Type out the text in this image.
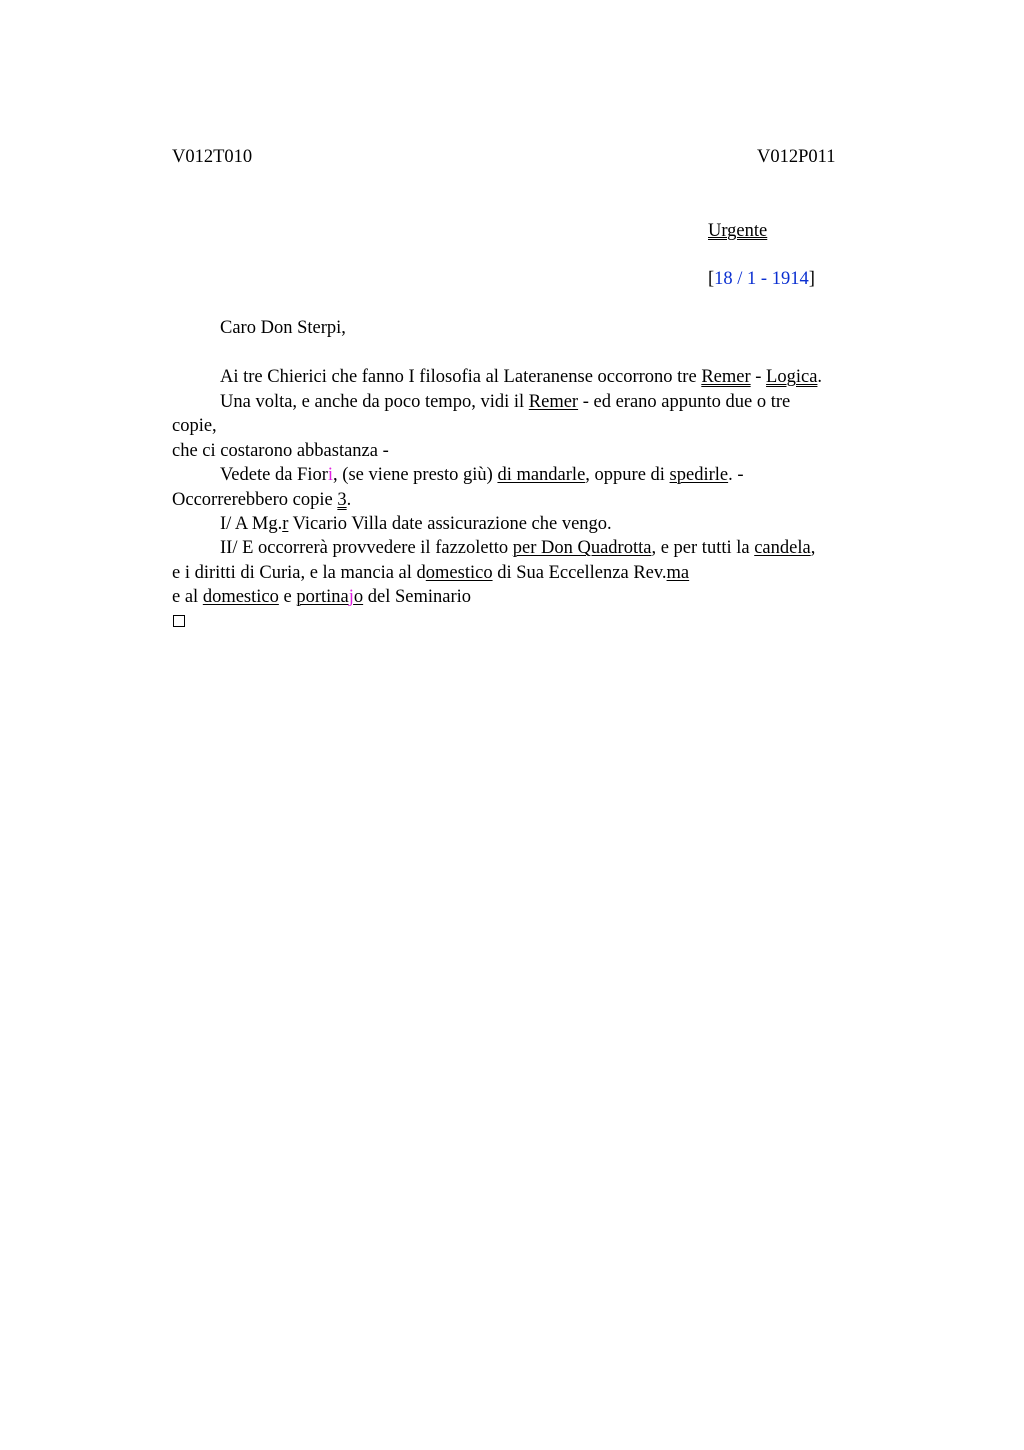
V012T010	V012P011
Urgente
[18 / 1 - 1914]
Caro Don Sterpi,
Ai tre Chierici che fanno I filosofia al Lateranense occorrono tre Remer - Logica.
Una volta, e anche da poco tempo, vidi il Remer - ed erano appunto due o tre
copie,
che ci costarono abbastanza -
Vedete da Fiori, (se viene presto giù) di mandarle, oppure di spedirle. -
Occorrerebbero copie 3.
I/ A Mg.r Vicario Villa date assicurazione che vengo.
II/ E occorrerà provvedere il fazzoletto per Don Quadrotta, e per tutti la candela,
e i diritti di Curia, e la mancia al domestico di Sua Eccellenza Rev.ma
e al domestico e portinajo del Seminario
